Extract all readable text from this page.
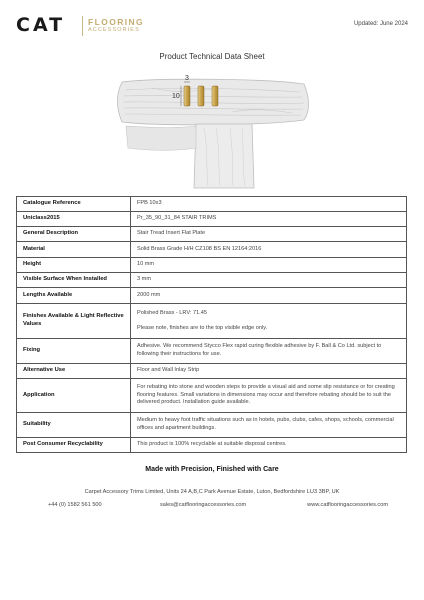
CAT	FLOORING
ACCESSORIES
Updated: June 2024
Product Technical Data Sheet
3
10
Catalogue Reference	FPB 10x3
Uniclass2015	Pr_35_90_31_84 STAIR TRIMS
General Description	Stair Tread Insert Flat Plate
Material	Solid Brass Grade H/H CZ108 BS EN 12164:2016
Height	10 mm
Visible Surface When Installed	3 mm
Lengths Available	2000 mm
Finishes Available & Light Reflective Values	Polished Brass - LRV: 71.45
Please note, finishes are to the top visible edge only.

Fixing	Adhesive. We recommend Stycco Flex rapid curing flexible adhesive by F. Ball & Co Ltd. subject to following their instructions for use.
Alternative Use	Floor and Wall Inlay Strip
Application	For rebating into stone and wooden steps to provide a visual aid and some slip resistance or for creating flooring features. Small variations in dimensions may occur and therefore rebating should be to suit the delivered product. Installation guide available.
Suitability	Medium to heavy foot traffic situations such as in hotels, pubs, clubs, cafes, shops, schools, commercial offices and apartment buildings.
Post Consumer Recyclability	This product is 100% recyclable at suitable disposal centres.
Made with Precision, Finished with Care
Carpet Accessory Trims Limited, Units 24 A,B,C Park Avenue Estate, Luton, Bedfordshire LU3 3BP, UK
+44 (0) 1582 561 500	sales@catflooringaccessories.com	www.catflooringaccessories.com
